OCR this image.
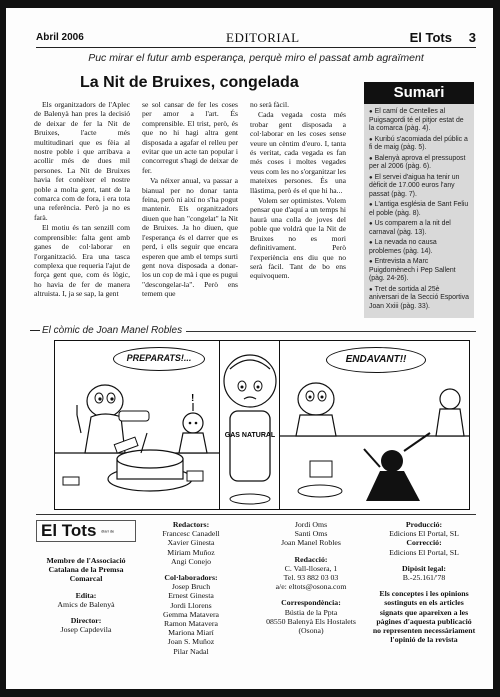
Abril 2006	EDITORIAL	El Tots 3
Puc mirar el futur amb esperança, perquè miro el passat amb agraïment
La Nit de Bruixes, congelada

Els organitzadors de l'Aplec de Balenyà han pres la decisió de deixar de fer la Nit de Bruixes, l'acte més multitudinari que es fèia al nostre poble i que arribava a acollir més de dues mil persones. La Nit de Bruixes havia fet conèixer el nostre poble a molta gent, tant de la comarca com de fora, i era tota una referència. Però ja no es farà.

El motiu és tan senzill com comprensible: falta gent amb ganes de col·laborar en l'organització. Era una tasca complexa que requeria l'ajut de força gent que, com és lògic, ho havia de fer de manera altruista. I, ja se sap, la gent

se sol cansar de fer les coses per amor a l'art. És comprensible. El trist, però, és que no hi hagi altra gent disposada a agafar el relleu per evitar que un acte tan popular i concorregut s'hagi de deixar de fer.

Va néixer anual, va passar a bianual per no donar tanta feina, però ni així no s'ha pogut mantenir. Els organitzadors diuen que han "congelat" la Nit de Bruixes. Ja ho diuen, que l'esperança és el darrer que es perd, i ells seguir que encara esperen que amb el temps surti gent nova disposada a donar-los un cop de mà i que es pugui "descongelar-la". Però ens temem que

no serà fàcil.

Cada vegada costa més trobar gent disposada a col·laborar en les coses sense veure un cèntim d'euro. I, tanta és veritat, cada vegada es fan més coses i moltes vegades veus com les no s'organitzar les mateixes persones. És una llàstima, però és el que hi ha...

Volem ser optimistes. Volem pensar que d'aquí a un temps hi haurà una colla de joves del poble que voldrà que la Nit de Bruixes no es mori definitivament. Però l'experiència ens diu que no serà fàcil. Tant de bo ens equivoquem.

Sumari
● El camí de Centelles al Puigsagordi té el pitjor estat de la comarca (pàg. 4).
● Kuribú s'acomiada del públic a fi de maig (pàg. 5).
● Balenyà aprova el pressupost per al 2006 (pàg. 6).
● El servei d'aigua ha tenir un dèficit de 17.000 euros l'any passat (pàg. 7).
● L'antiga església de Sant Feliu el poble (pàg. 8).
● Us comparem a la nit del carnaval (pàg. 13).
● La nevada no causa problemes (pàg. 14).
● Entrevista a Marc Puigdomènech i Pep Sallent (pàg. 24-26).
● Tret de sortida al 25è aniversari de la Secció Esportiva Joan Xxiii (pàg. 33).
El còmic de Joan Manel Robles
PREPARATS!...
!
GAS NATURAL
ENDAVANT!!
El Tots diari de
Membre de l'Associació Catalana de la Premsa Comarcal
Edita:
Amics de Balenyà
Director:
Josep Capdevila
Redactors:
Francesc Canadell
Xavier Ginesta
Míriam Muñoz
Angi Conejo
Col·laboradors:
Josep Bruch
Ernest Ginesta
Jordi Llorens
Gemma Matavera
Ramon Matavera
Mariona Miarí
Joan S. Muñoz
Pilar Nadal
Jordi Oms
Santi Oms
Joan Manel Robles
Redacció:
C. Vall-llosera, 1
Tel. 93 882 03 03
a/e: eltots@osona.com
Correspondència:
Bústia de la Ppta
08550 Balenyà Els Hostalets
(Osona)
Producció:
Edicions El Portal, SL
Correcció:
Edicions El Portal, SL
Dipòsit legal:
B.-25.161/'78
Els conceptes i les opinions sostinguts en els articles signats que apareixen a les pàgines d'aquesta publicació no representen necessàriament l'opinió de la revista
